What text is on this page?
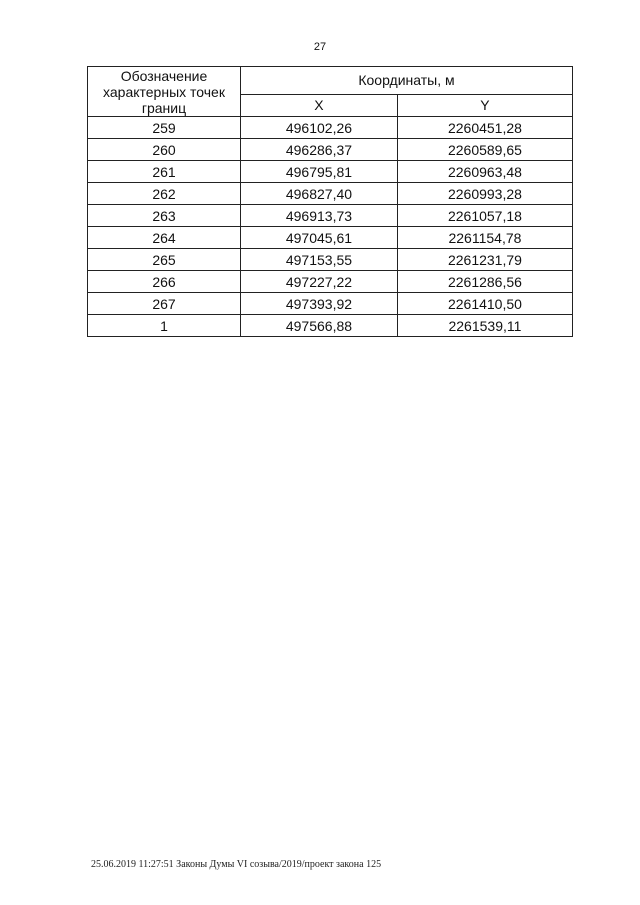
27
Обозначение характерных точек границ	Координаты, м	
	X	Y
259	496102,26	2260451,28
260	496286,37	2260589,65
261	496795,81	2260963,48
262	496827,40	2260993,28
263	496913,73	2261057,18
264	497045,61	2261154,78
265	497153,55	2261231,79
266	497227,22	2261286,56
267	497393,92	2261410,50
1	497566,88	2261539,11
25.06.2019 11:27:51 Законы Думы VI созыва/2019/проект закона 125
